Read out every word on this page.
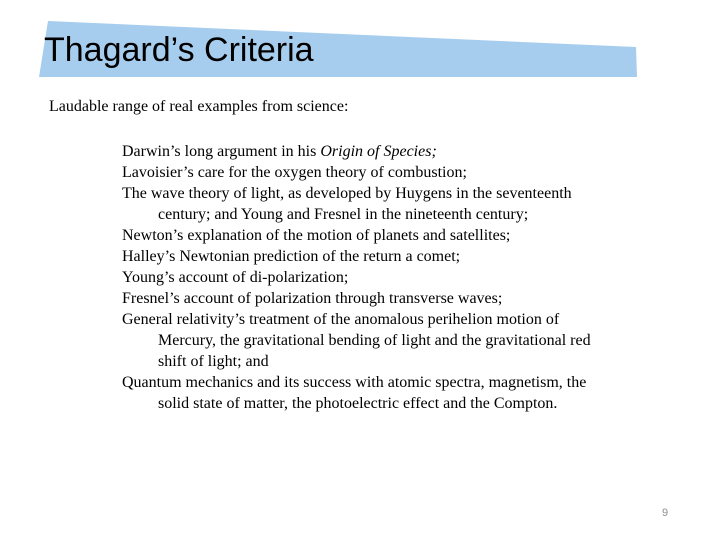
Thagard’s Criteria

Laudable range of real examples from science:

Darwin’s long argument in his Origin of Species;
Lavoisier’s care for the oxygen theory of combustion;
The wave theory of light, as developed by Huygens in the seventeenth
century; and Young and Fresnel in the nineteenth century;
Newton’s explanation of the motion of planets and satellites;
Halley’s Newtonian prediction of the return a comet;
Young’s account of di-polarization;
Fresnel’s account of polarization through transverse waves;
General relativity’s treatment of the anomalous perihelion motion of
Mercury, the gravitational bending of light and the gravitational red
shift of light; and
Quantum mechanics and its success with atomic spectra, magnetism, the
solid state of matter, the photoelectric effect and the Compton.
9
